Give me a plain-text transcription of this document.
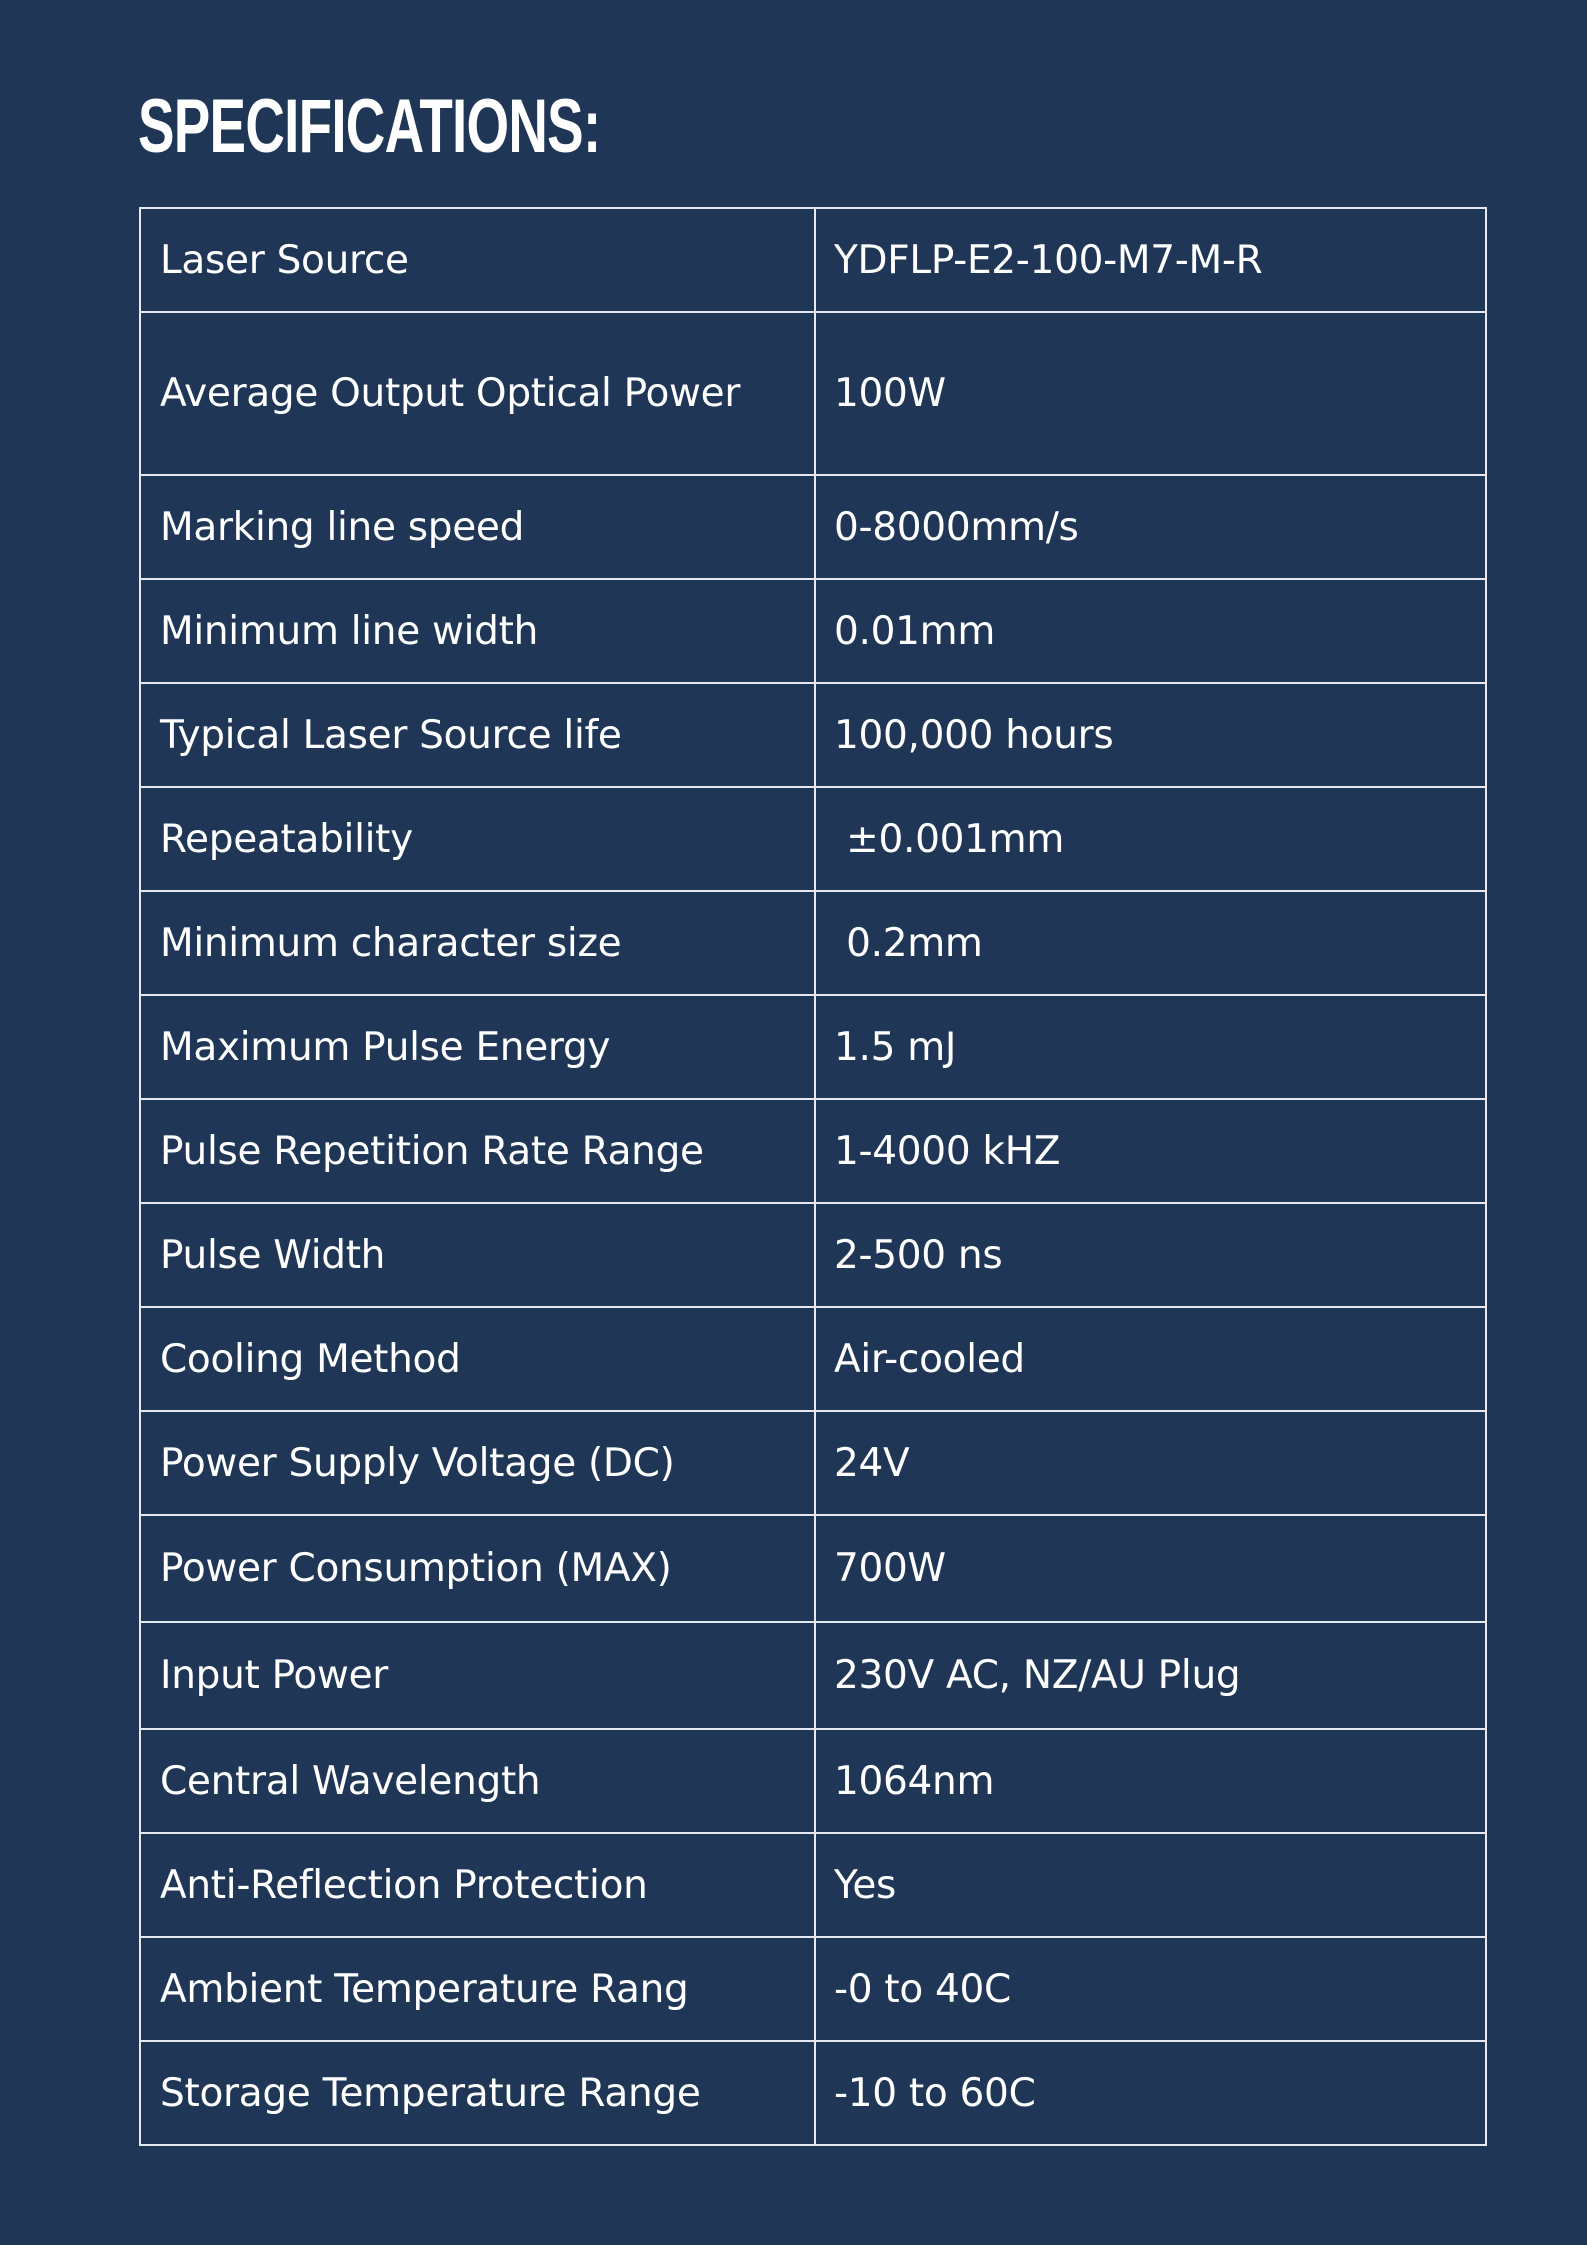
SPECIFICATIONS:
Laser Source	YDFLP-E2-100-M7-M-R
Average Output Optical Power	100W
Marking line speed	0-8000mm/s
Minimum line width	0.01mm
Typical Laser Source life	100,000 hours
Repeatability	±0.001mm
Minimum character size	0.2mm
Maximum Pulse Energy	1.5 mJ
Pulse Repetition Rate Range	1-4000 kHZ
Pulse Width	2-500 ns
Cooling Method	Air-cooled
Power Supply Voltage (DC)	24V
Power Consumption (MAX)	700W
Input Power	230V AC, NZ/AU Plug
Central Wavelength	1064nm
Anti-Reflection Protection	Yes
Ambient Temperature Rang	-0 to 40C
Storage Temperature Range	-10 to 60C
